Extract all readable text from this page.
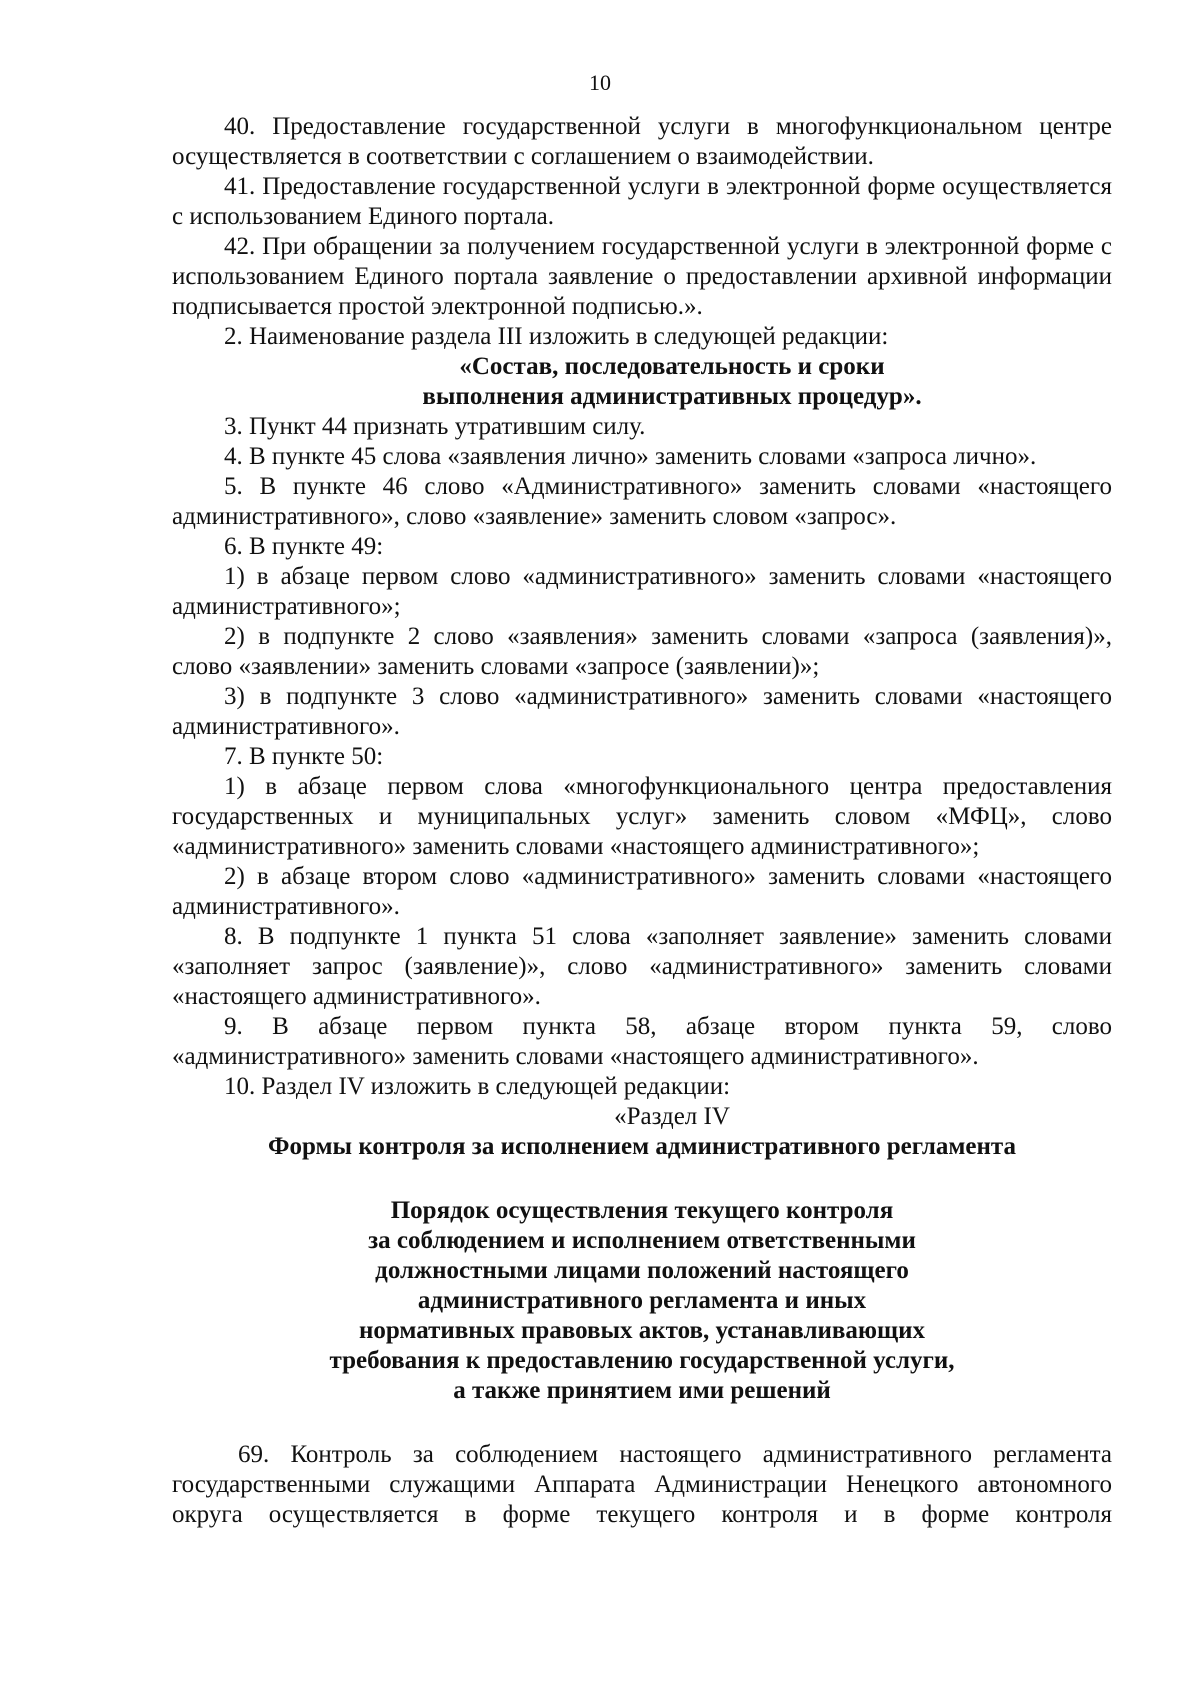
10

40. Предоставление государственной услуги в многофункциональном центре осуществляется в соответствии с соглашением о взаимодействии.

41. Предоставление государственной услуги в электронной форме осуществляется с использованием Единого портала.

42. При обращении за получением государственной услуги в электронной форме с использованием Единого портала заявление о предоставлении архивной информации подписывается простой электронной подписью.».

2. Наименование раздела III изложить в следующей редакции:

«Состав, последовательность и сроки

выполнения административных процедур».

3. Пункт 44 признать утратившим силу.

4. В пункте 45 слова «заявления лично» заменить словами «запроса лично».

5. В пункте 46 слово «Административного» заменить словами «настоящего административного», слово «заявление» заменить словом «запрос».

6. В пункте 49:

1) в абзаце первом слово «административного» заменить словами «настоящего административного»;

2) в подпункте 2 слово «заявления» заменить словами «запроса (заявления)», слово «заявлении» заменить словами «запросе (заявлении)»;

3) в подпункте 3 слово «административного» заменить словами «настоящего административного».

7. В пункте 50:

1) в абзаце первом слова «многофункционального центра предоставления государственных и муниципальных услуг» заменить словом «МФЦ», слово «административного» заменить словами «настоящего административного»;

2) в абзаце втором слово «административного» заменить словами «настоящего административного».

8. В подпункте 1 пункта 51 слова «заполняет заявление» заменить словами «заполняет запрос (заявление)», слово «административного» заменить словами «настоящего административного».

9. В абзаце первом пункта 58, абзаце втором пункта 59, слово «административного» заменить словами «настоящего административного».

10. Раздел IV изложить в следующей редакции:

«Раздел IV

Формы контроля за исполнением административного регламента

Порядок осуществления текущего контроля

за соблюдением и исполнением ответственными

должностными лицами положений настоящего

административного регламента и иных

нормативных правовых актов, устанавливающих

требования к предоставлению государственной услуги,

а также принятием ими решений

69. Контроль за соблюдением настоящего административного регламента

государственными служащими Аппарата Администрации Ненецкого автономного

округа осуществляется в форме текущего контроля и в форме контроля
